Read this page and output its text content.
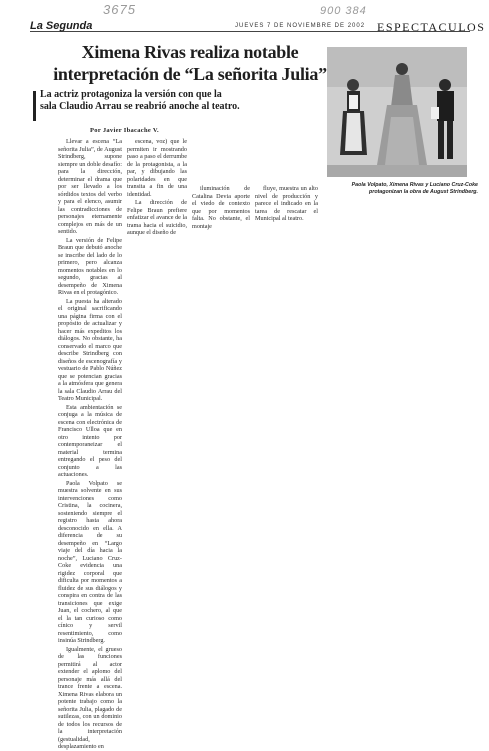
3675	900 384
La Segunda	JUEVES 7 DE NOVIEMBRE DE 2002 ESPECTACULOS
Ximena Rivas realiza notable
interpretación de “La señorita Julia”
La actriz protagoniza la versión con que la sala Claudio Arrau se reabrió anoche al teatro.
Por Javier Ibacache V.

Llevar a escena “La señorita Julia”, de August Strindberg, supone siempre un doble desafío: para la dirección, determinar el drama que por ser llevado a los sórdidos textos del verbo y para el elenco, asumir las contradicciones de personajes eternamente complejos en más de un sentido.

La versión de Felipe Braun que debutó anoche se inscribe del lado de lo primero, pero alcanza momentos notables en lo segundo, gracias al desempeño de Ximena Rivas en el protagónico.

La puesta ha alterado el original sacrificando una página firma con el propósito de actualizar y hacer más expeditos los diálogos. No obstante, ha conservado el marco que describe Strindberg con diseños de escenografía y vestuario de Pablo Núñez que se potencian gracias a la atmósfera que genera la sala Claudio Arrau del Teatro Municipal.

Esta ambientación se conjuga a la música de escena con electrónica de Francisco Ulloa que en otro intento por contemporaneizar el material termina entregando el peso del conjunto a las actuaciones.

Paola Volpato se muestra solvente en sus intervenciones como Cristina, la cocinera, sosteniendo siempre el registro hasta ahora desconocido en ella. A diferencia de su desempeño en “Largo viaje del día hacia la noche”, Luciano Cruz-Coke evidencia una rigidez corporal que dificulta por momentos a fluidez de sus diálogos y conspira en contra de las transiciones que exige Juan, el cochero, al que el la tan curioso como cínico y servil resentimiento, como insinúa Strindberg.

Igualmente, el grueso de las funciones permitirá al actor extender el aplomo del personaje más allá del trance frente a escena. Ximena Rivas elabora un potente trabajo como la señorita Julia, plagado de sutilezas, con un dominio de todos los recursos de la interpretación (gestualidad, desplazamiento en

escena, voz) que le permiten ir mostrando paso a paso el derrumbe de la protagonista, a la par, y dibujando las polaridades en que transita a fin de una identidad.

La dirección de Felipe Braun prefiere enfatizar el avance de la trama hacia el suicidio, aunque el diseño de

iluminación de Catalina Devia aporte el viedo de contexto que por momentos falta. No obstante, el montaje

fluye, muestra un alto nivel de producción y parece el indicado en la tarea de rescatar el Municipal al teatro.

Paola Volpato, Ximena Rivas y Luciano Cruz-Coke protagonizan la obra de August Strindberg.
